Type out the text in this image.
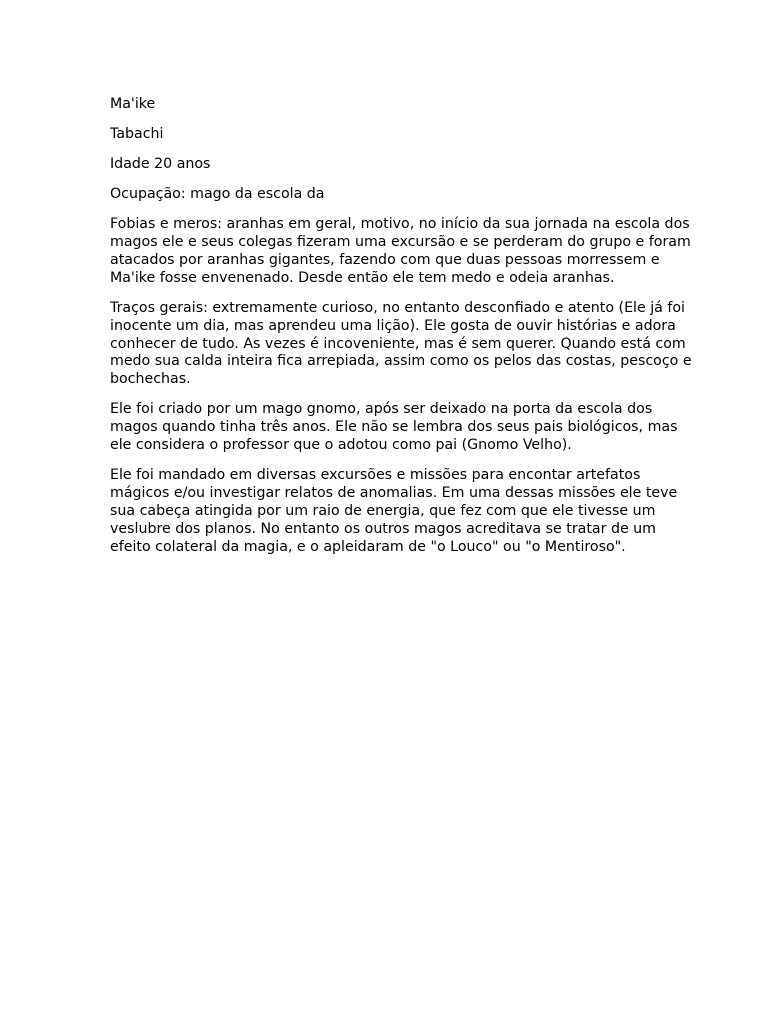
Ma'ike

Tabachi

Idade 20 anos

Ocupação: mago da escola da

Fobias e meros: aranhas em geral, motivo, no início da sua jornada na escola dos
magos ele e seus colegas fizeram uma excursão e se perderam do grupo e foram
atacados por aranhas gigantes, fazendo com que duas pessoas morressem e
Ma'ike fosse envenenado. Desde então ele tem medo e odeia aranhas.

Traços gerais: extremamente curioso, no entanto desconfiado e atento (Ele já foi
inocente um dia, mas aprendeu uma lição). Ele gosta de ouvir histórias e adora
conhecer de tudo. As vezes é incoveniente, mas é sem querer. Quando está com
medo sua calda inteira fica arrepiada, assim como os pelos das costas, pescoço e
bochechas.

Ele foi criado por um mago gnomo, após ser deixado na porta da escola dos
magos quando tinha três anos. Ele não se lembra dos seus pais biológicos, mas
ele considera o professor que o adotou como pai (Gnomo Velho).

Ele foi mandado em diversas excursões e missões para encontar artefatos
mágicos e/ou investigar relatos de anomalias. Em uma dessas missões ele teve
sua cabeça atingida por um raio de energia, que fez com que ele tivesse um
veslubre dos planos. No entanto os outros magos acreditava se tratar de um
efeito colateral da magia, e o apleidaram de "o Louco" ou "o Mentiroso".
